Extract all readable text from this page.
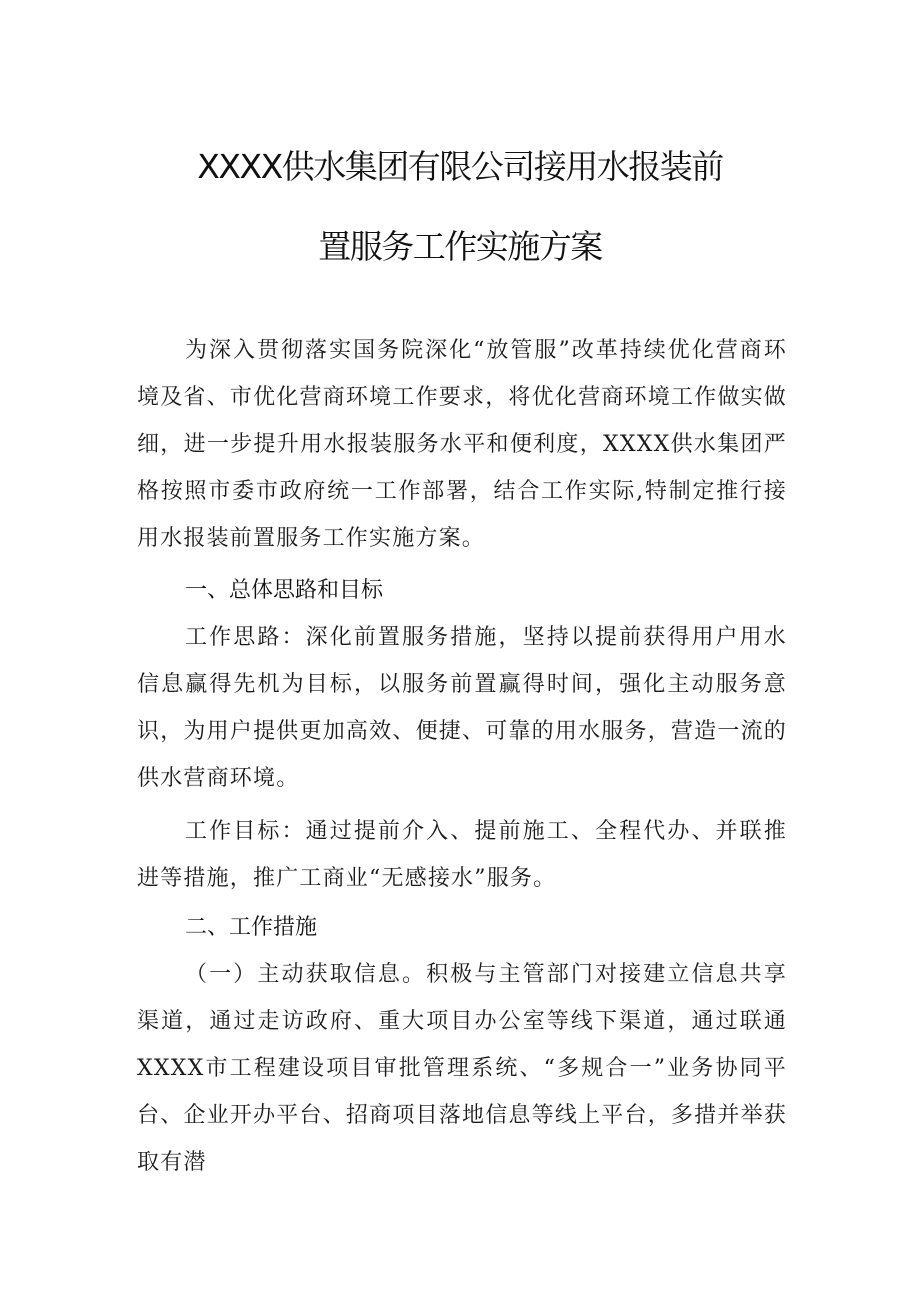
XXXX供水集团有限公司接用水报装前
置服务工作实施方案

为深入贯彻落实国务院深化“放管服”改革持续优化营商环境及省、市优化营商环境工作要求，将优化营商环境工作做实做细，进一步提升用水报装服务水平和便利度，XXXX供水集团严格按照市委市政府统一工作部署，结合工作实际,特制定推行接用水报装前置服务工作实施方案。

一、总体思路和目标

工作思路：深化前置服务措施，坚持以提前获得用户用水信息赢得先机为目标，以服务前置赢得时间，强化主动服务意识，为用户提供更加高效、便捷、可靠的用水服务，营造一流的供水营商环境。

工作目标：通过提前介入、提前施工、全程代办、并联推进等措施，推广工商业“无感接水”服务。

二、工作措施

（一）主动获取信息。积极与主管部门对接建立信息共享渠道，通过走访政府、重大项目办公室等线下渠道，通过联通XXXX市工程建设项目审批管理系统、“多规合一”业务协同平台、企业开办平台、招商项目落地信息等线上平台，多措并举获取有潜
